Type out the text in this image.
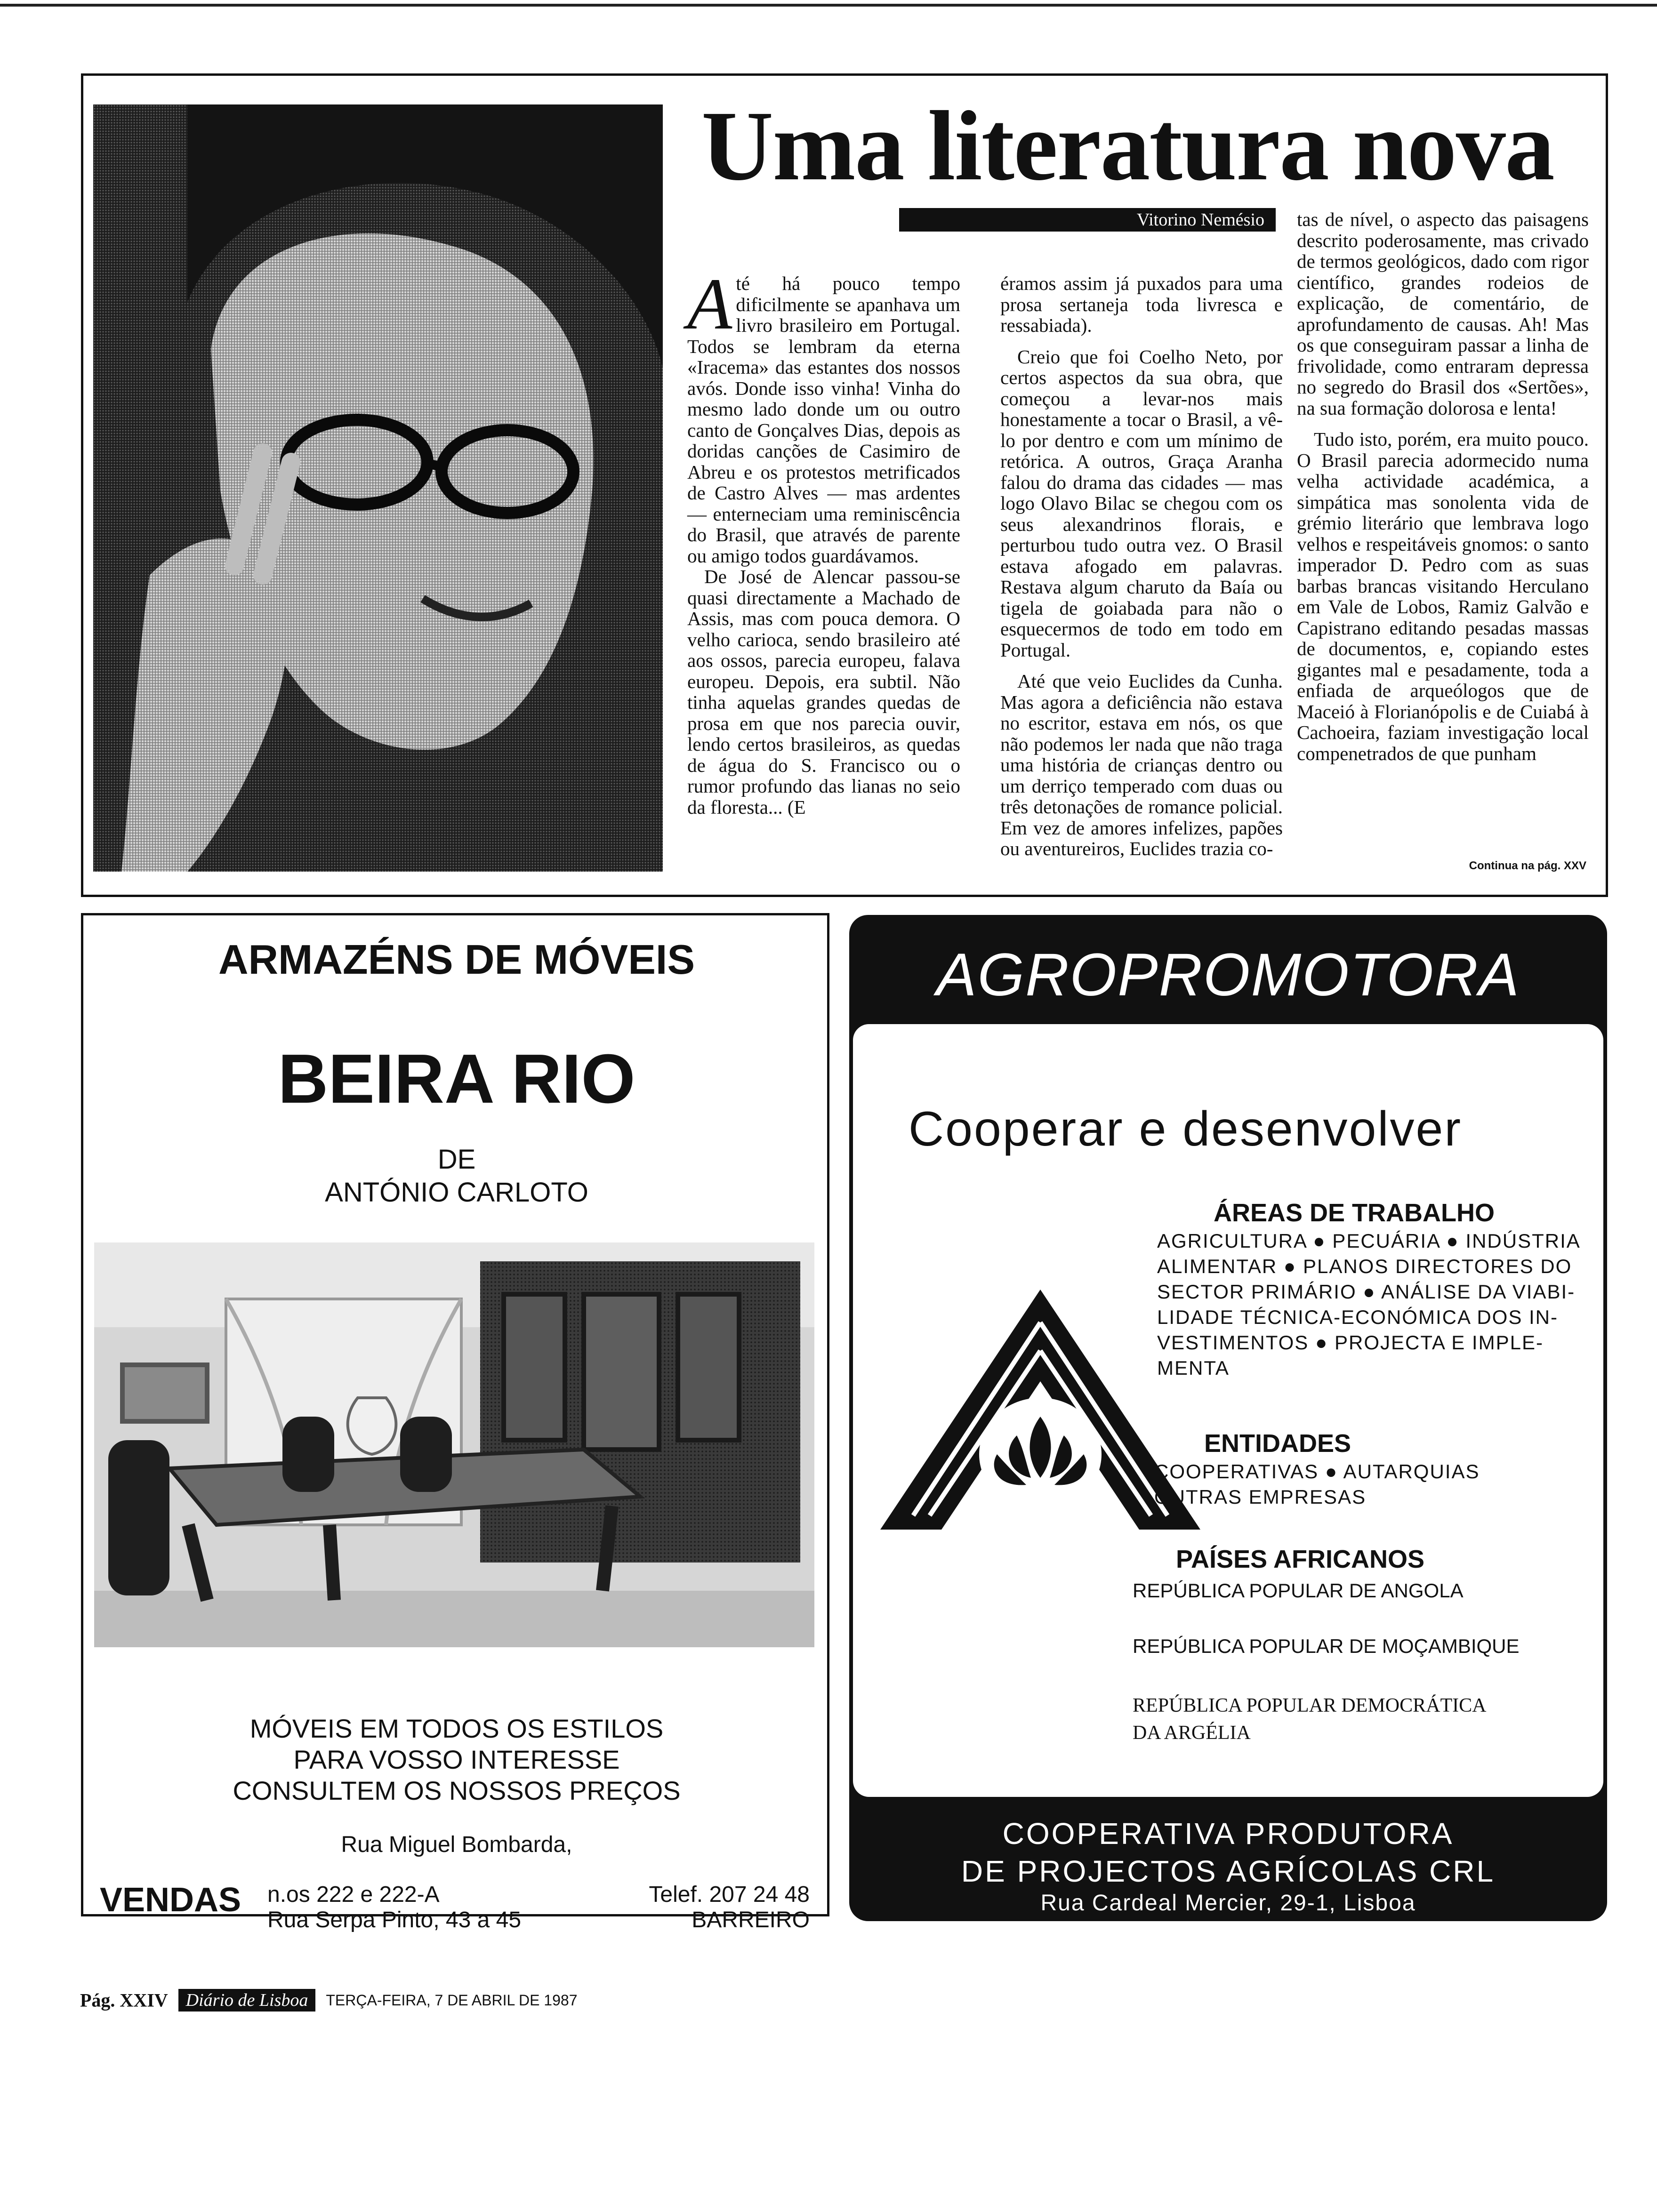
Uma literatura nova
Vitorino Nemésio

Até há pouco tempo dificilmente se apanhava um livro brasileiro em Portugal. Todos se lembram da eterna «Iracema» das estantes dos nossos avós. Donde isso vinha! Vinha do mesmo lado donde um ou outro canto de Gonçalves Dias, depois as doridas canções de Casimiro de Abreu e os protestos metrificados de Castro Alves — mas ardentes — enterneciam uma reminiscência do Brasil, que através de parente ou amigo todos guardávamos.

De José de Alencar passou-se quasi directamente a Machado de Assis, mas com pouca demora. O velho carioca, sendo brasileiro até aos ossos, parecia europeu, falava europeu. Depois, era subtil. Não tinha aquelas grandes quedas de prosa em que nos parecia ouvir, lendo certos brasileiros, as quedas de água do S. Francisco ou o rumor profundo das lianas no seio da floresta... (E

éramos assim já puxados para uma prosa sertaneja toda livresca e ressabiada).

Creio que foi Coelho Neto, por certos aspectos da sua obra, que começou a levar-nos mais honestamente a tocar o Brasil, a vê-lo por dentro e com um mínimo de retórica. A outros, Graça Aranha falou do drama das cidades — mas logo Olavo Bilac se chegou com os seus alexandrinos florais, e perturbou tudo outra vez. O Brasil estava afogado em palavras. Restava algum charuto da Baía ou tigela de goiabada para não o esquecermos de todo em todo em Portugal.

Até que veio Euclides da Cunha. Mas agora a deficiência não estava no escritor, estava em nós, os que não podemos ler nada que não traga uma história de crianças dentro ou um derriço temperado com duas ou três detonações de romance policial. Em vez de amores infelizes, papões ou aventureiros, Euclides trazia co-

tas de nível, o aspecto das paisagens descrito poderosamente, mas crivado de termos geológicos, dado com rigor científico, grandes rodeios de explicação, de comentário, de aprofundamento de causas. Ah! Mas os que conseguiram passar a linha de frivolidade, como entraram depressa no segredo do Brasil dos «Sertões», na sua formação dolorosa e lenta!

Tudo isto, porém, era muito pouco. O Brasil parecia adormecido numa velha actividade académica, a simpática mas sonolenta vida de grémio literário que lembrava logo velhos e respeitáveis gnomos: o santo imperador D. Pedro com as suas barbas brancas visitando Herculano em Vale de Lobos, Ramiz Galvão e Capistrano editando pesadas massas de documentos, e, copiando estes gigantes mal e pesadamente, toda a enfiada de arqueólogos que de Maceió à Florianópolis e de Cuiabá à Cachoeira, faziam investigação local compenetrados de que punham

Continua na pág. XXV
ARMAZÉNS DE MÓVEIS
BEIRA RIO
DE
ANTÓNIO CARLOTO
MÓVEIS EM TODOS OS ESTILOS
PARA VOSSO INTERESSE
CONSULTEM OS NOSSOS PREÇOS
Rua Miguel Bombarda,
VENDAS n.os 222 e 222-A
Rua Serpa Pinto, 43 a 45
Telef. 207 24 48
BARREIRO
AGROPROMOTORA
Cooperar e desenvolver
ÁREAS DE TRABALHO
AGRICULTURA ● PECUÁRIA ● INDÚSTRIA
ALIMENTAR ● PLANOS DIRECTORES DO
SECTOR PRIMÁRIO ● ANÁLISE DA VIABI-
LIDADE TÉCNICA-ECONÓMICA DOS IN-
VESTIMENTOS ● PROJECTA E IMPLE-
MENTA
ENTIDADES
COOPERATIVAS ● AUTARQUIAS
OUTRAS EMPRESAS
PAÍSES AFRICANOS
REPÚBLICA POPULAR DE ANGOLA
REPÚBLICA POPULAR DE MOÇAMBIQUE
REPÚBLICA POPULAR DEMOCRÁTICA
DA ARGÉLIA
COOPERATIVA PRODUTORA
DE PROJECTOS AGRÍCOLAS CRL
Rua Cardeal Mercier, 29-1, Lisboa
☏ 73 51 35
Pág. XXIV Diário de Lisboa TERÇA-FEIRA, 7 DE ABRIL DE 1987
